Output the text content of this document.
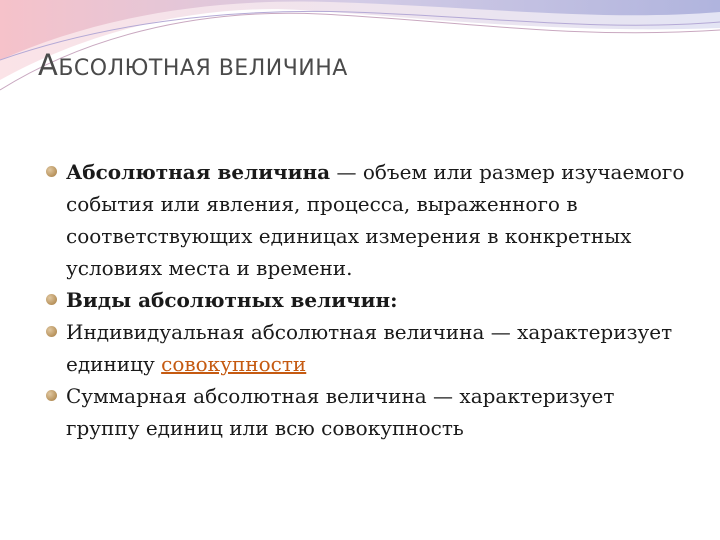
АБСОЛЮТНАЯ ВЕЛИЧИНА
Абсолютная величина — объем или размер изучаемого события или явления, процесса, выраженного в соответствующих единицах измерения в конкретных условиях места и времени.
Виды абсолютных величин:
Индивидуальная абсолютная величина — характеризует единицу совокупности
Суммарная абсолютная величина — характеризует группу единиц или всю совокупность
